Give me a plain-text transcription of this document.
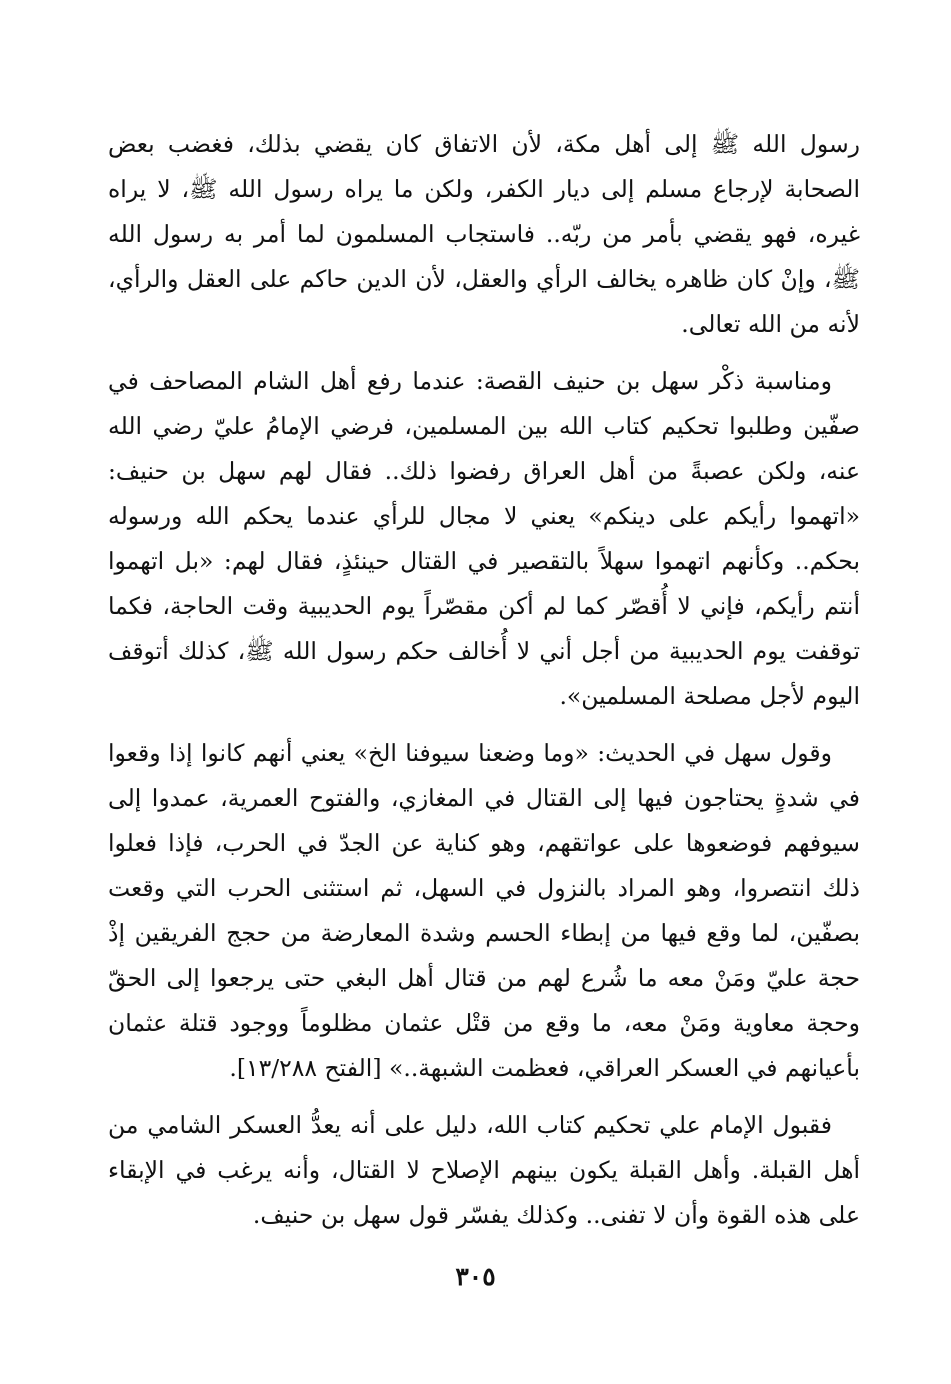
رسول الله ﷺ إلى أهل مكة، لأن الاتفاق كان يقضي بذلك، فغضب بعض الصحابة لإرجاع مسلم إلى ديار الكفر، ولكن ما يراه رسول الله ﷺ، لا يراه غيره، فهو يقضي بأمر من ربّه.. فاستجاب المسلمون لما أمر به رسول الله ﷺ، وإنْ كان ظاهره يخالف الرأي والعقل، لأن الدين حاكم على العقل والرأي، لأنه من الله تعالى.

ومناسبة ذكْر سهل بن حنيف القصة: عندما رفع أهل الشام المصاحف في صفّين وطلبوا تحكيم كتاب الله بين المسلمين، فرضي الإمامُ عليّ رضي الله عنه، ولكن عصبةً من أهل العراق رفضوا ذلك.. فقال لهم سهل بن حنيف: «اتهموا رأيكم على دينكم» يعني لا مجال للرأي عندما يحكم الله ورسوله بحكم.. وكأنهم اتهموا سهلاً بالتقصير في القتال حينئذٍ، فقال لهم: «بل اتهموا أنتم رأيكم، فإني لا أُقصّر كما لم أكن مقصّراً يوم الحديبية وقت الحاجة، فكما توقفت يوم الحديبية من أجل أني لا أُخالف حكم رسول الله ﷺ، كذلك أتوقف اليوم لأجل مصلحة المسلمين».

وقول سهل في الحديث: «وما وضعنا سيوفنا الخ» يعني أنهم كانوا إذا وقعوا في شدةٍ يحتاجون فيها إلى القتال في المغازي، والفتوح العمرية، عمدوا إلى سيوفهم فوضعوها على عواتقهم، وهو كناية عن الجدّ في الحرب، فإذا فعلوا ذلك انتصروا، وهو المراد بالنزول في السهل، ثم استثنى الحرب التي وقعت بصفّين، لما وقع فيها من إبطاء الحسم وشدة المعارضة من حجج الفريقين إذْ حجة عليّ ومَنْ معه ما شُرع لهم من قتال أهل البغي حتى يرجعوا إلى الحقّ وحجة معاوية ومَنْ معه، ما وقع من قتْل عثمان مظلوماً ووجود قتلة عثمان بأعيانهم في العسكر العراقي، فعظمت الشبهة..» [الفتح ١٣/٢٨٨].

فقبول الإمام علي تحكيم كتاب الله، دليل على أنه يعدُّ العسكر الشامي من أهل القبلة. وأهل القبلة يكون بينهم الإصلاح لا القتال، وأنه يرغب في الإبقاء على هذه القوة وأن لا تفنى.. وكذلك يفسّر قول سهل بن حنيف.

٣٠٥
